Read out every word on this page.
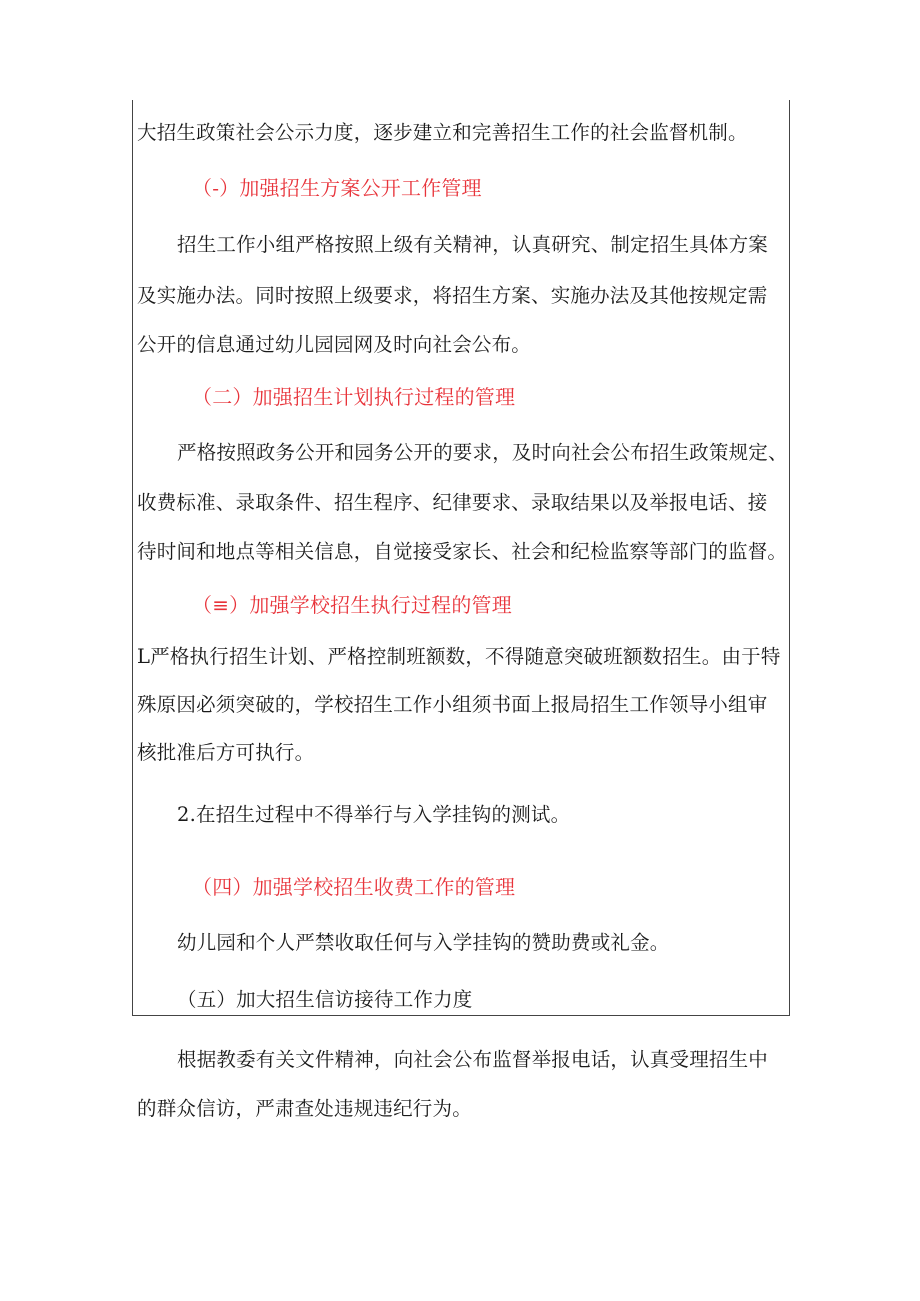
大招生政策社会公示力度，逐步建立和完善招生工作的社会监督机制。
（-）加强招生方案公开工作管理
招生工作小组严格按照上级有关精神，认真研究、制定招生具体方案
及实施办法。同时按照上级要求，将招生方案、实施办法及其他按规定需
公开的信息通过幼儿园园网及时向社会公布。
（二）加强招生计划执行过程的管理
严格按照政务公开和园务公开的要求，及时向社会公布招生政策规定、
收费标准、录取条件、招生程序、纪律要求、录取结果以及举报电话、接
待时间和地点等相关信息，自觉接受家长、社会和纪检监察等部门的监督。
（≡）加强学校招生执行过程的管理
L严格执行招生计划、严格控制班额数，不得随意突破班额数招生。由于特
殊原因必须突破的，学校招生工作小组须书面上报局招生工作领导小组审
核批准后方可执行。
2.在招生过程中不得举行与入学挂钩的测试。
（四）加强学校招生收费工作的管理
幼儿园和个人严禁收取任何与入学挂钩的赞助费或礼金。
（五）加大招生信访接待工作力度
根据教委有关文件精神，向社会公布监督举报电话，认真受理招生中
的群众信访，严肃查处违规违纪行为。
